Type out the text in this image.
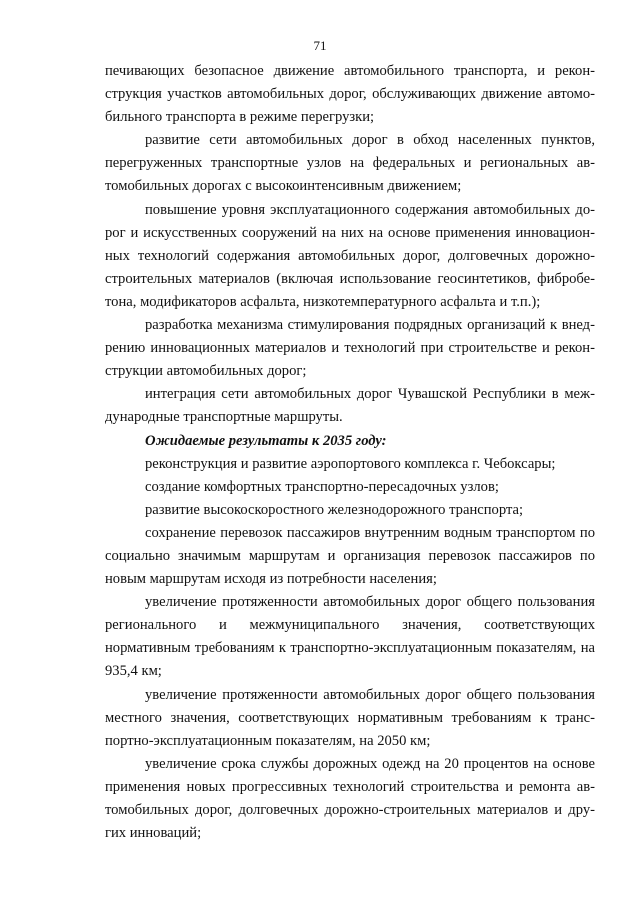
71

печивающих безопасное движение автомобильного транспорта, и реконструкция участков автомобильных дорог, обслуживающих движение автомобильного транспорта в режиме перегрузки;

развитие сети автомобильных дорог в обход населенных пунктов, перегруженных транспортные узлов на федеральных и региональных автомобильных дорогах с высокоинтенсивным движением;

повышение уровня эксплуатационного содержания автомобильных дорог и искусственных сооружений на них на основе применения инновационных технологий содержания автомобильных дорог, долговечных дорожностроительных материалов (включая использование геосинтетиков, фибробетона, модификаторов асфальта, низкотемпературного асфальта и т.п.);

разработка механизма стимулирования подрядных организаций к внедрению инновационных материалов и технологий при строительстве и реконструкции автомобильных дорог;

интеграция сети автомобильных дорог Чувашской Республики в международные транспортные маршруты.

Ожидаемые результаты к 2035 году:

реконструкция и развитие аэропортового комплекса г. Чебоксары;

создание комфортных транспортно-пересадочных узлов;

развитие высокоскоростного железнодорожного транспорта;

сохранение перевозок пассажиров внутренним водным транспортом по социально значимым маршрутам и организация перевозок пассажиров по новым маршрутам исходя из потребности населения;

увеличение протяженности автомобильных дорог общего пользования регионального и межмуниципального значения, соответствующих нормативным требованиям к транспортно-эксплуатационным показателям, на 935,4 км;

увеличение протяженности автомобильных дорог общего пользования местного значения, соответствующих нормативным требованиям к транспортно-эксплуатационным показателям, на 2050 км;

увеличение срока службы дорожных одежд на 20 процентов на основе применения новых прогрессивных технологий строительства и ремонта автомобильных дорог, долговечных дорожно-строительных материалов и других инноваций;
